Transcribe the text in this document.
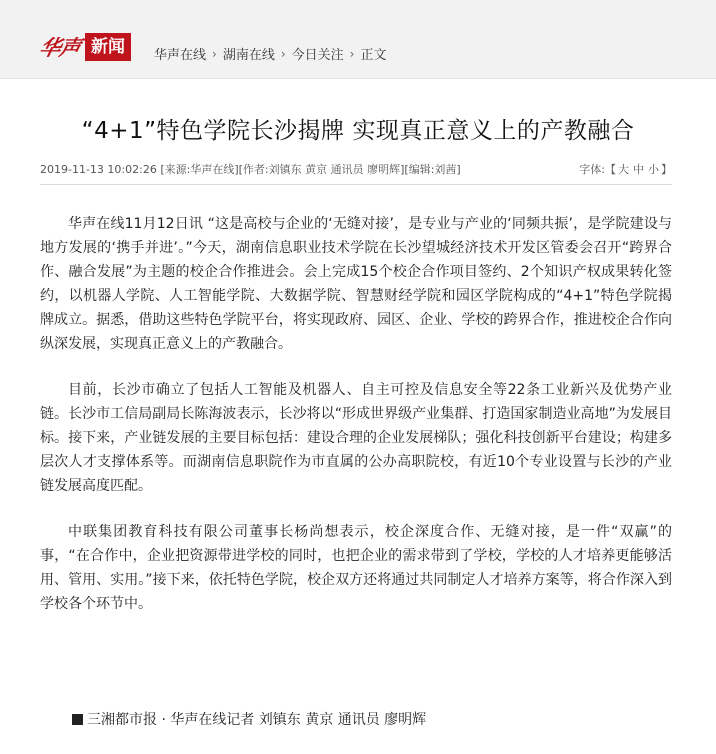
华声 新闻	华声在线 › 湖南在线 › 今日关注 › 正文
“4+1”特色学院长沙揭牌 实现真正意义上的产教融合
2019-11-13 10:02:26 [来源:华声在线][作者:刘镇东 黄京 通讯员 廖明辉][编辑:刘茜]	字体:【 大 中 小 】

华声在线11月12日讯 “这是高校与企业的‘无缝对接’，是专业与产业的‘同频共振’，是学院建设与地方发展的‘携手并进’。”今天，湖南信息职业技术学院在长沙望城经济技术开发区管委会召开“跨界合作、融合发展”为主题的校企合作推进会。会上完成15个校企合作项目签约、2个知识产权成果转化签约，以机器人学院、人工智能学院、大数据学院、智慧财经学院和园区学院构成的“4+1”特色学院揭牌成立。据悉，借助这些特色学院平台，将实现政府、园区、企业、学校的跨界合作，推进校企合作向纵深发展，实现真正意义上的产教融合。

目前，长沙市确立了包括人工智能及机器人、自主可控及信息安全等22条工业新兴及优势产业链。长沙市工信局副局长陈海波表示，长沙将以“形成世界级产业集群、打造国家制造业高地”为发展目标。接下来，产业链发展的主要目标包括：建设合理的企业发展梯队；强化科技创新平台建设；构建多层次人才支撑体系等。而湖南信息职院作为市直属的公办高职院校，有近10个专业设置与长沙的产业链发展高度匹配。

中联集团教育科技有限公司董事长杨尚想表示，校企深度合作、无缝对接，是一件“双赢”的事，“在合作中，企业把资源带进学校的同时，也把企业的需求带到了学校，学校的人才培养更能够活用、管用、实用。”接下来，依托特色学院，校企双方还将通过共同制定人才培养方案等，将合作深入到学校各个环节中。

三湘都市报 · 华声在线记者 刘镇东 黄京 通讯员 廖明辉
